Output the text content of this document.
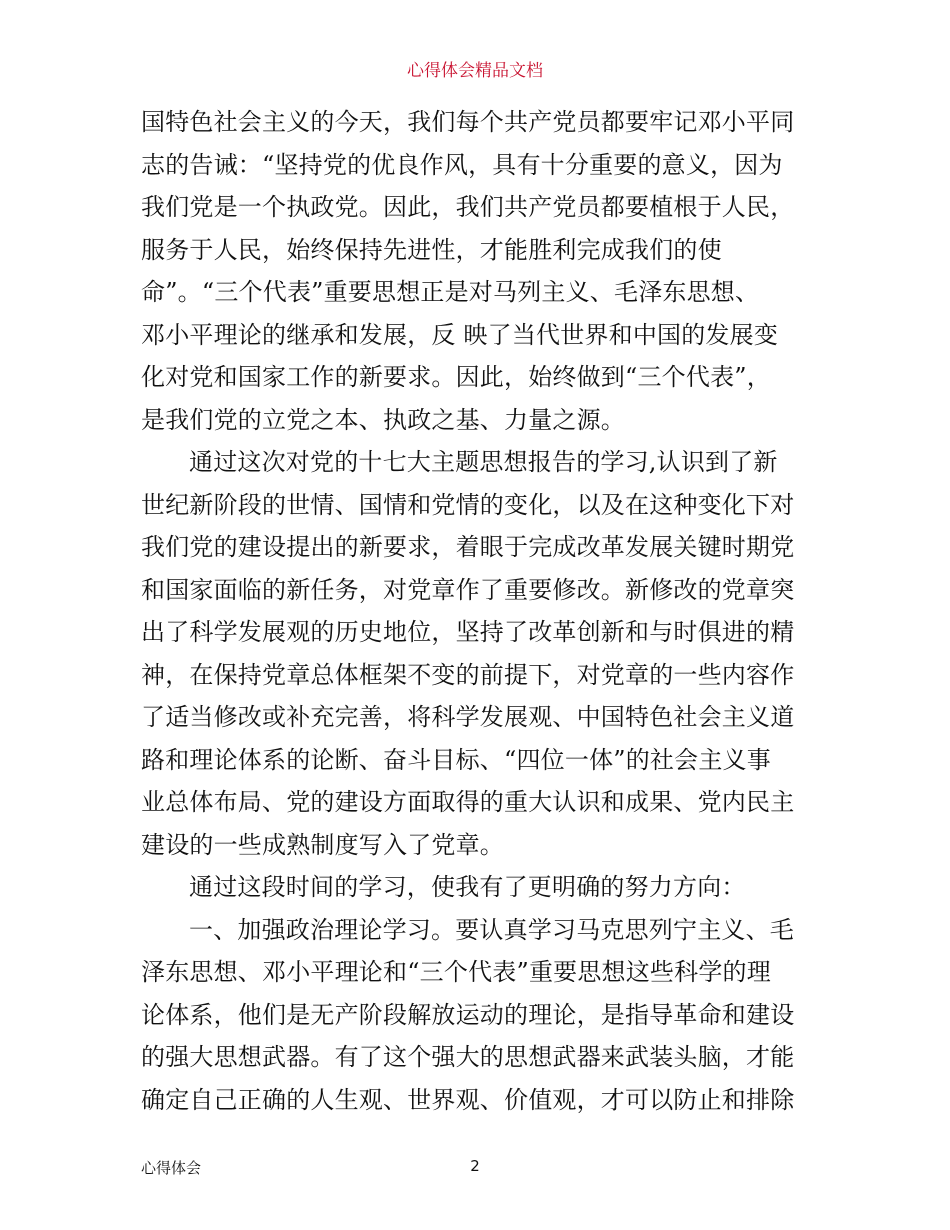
心得体会精品文档
国特色社会主义的今天，我们每个共产党员都要牢记邓小平同
志的告诫：“坚持党的优良作风，具有十分重要的意义，因为
我们党是一个执政党。因此，我们共产党员都要植根于人民，
服务于人民，始终保持先进性，才能胜利完成我们的使
命”。“三个代表”重要思想正是对马列主义、毛泽东思想、
邓小平理论的继承和发展，反 映了当代世界和中国的发展变
化对党和国家工作的新要求。因此，始终做到“三个代表”，
是我们党的立党之本、执政之基、力量之源。
通过这次对党的十七大主题思想报告的学习,认识到了新
世纪新阶段的世情、国情和党情的变化，以及在这种变化下对
我们党的建设提出的新要求，着眼于完成改革发展关键时期党
和国家面临的新任务，对党章作了重要修改。新修改的党章突
出了科学发展观的历史地位，坚持了改革创新和与时俱进的精
神，在保持党章总体框架不变的前提下，对党章的一些内容作
了适当修改或补充完善，将科学发展观、中国特色社会主义道
路和理论体系的论断、奋斗目标、“四位一体”的社会主义事
业总体布局、党的建设方面取得的重大认识和成果、党内民主
建设的一些成熟制度写入了党章。
通过这段时间的学习，使我有了更明确的努力方向：
一、加强政治理论学习。要认真学习马克思列宁主义、毛
泽东思想、邓小平理论和“三个代表”重要思想这些科学的理
论体系，他们是无产阶段解放运动的理论，是指导革命和建设
的强大思想武器。有了这个强大的思想武器来武装头脑，才能
确定自己正确的人生观、世界观、价值观，才可以防止和排除
心得体会	2
